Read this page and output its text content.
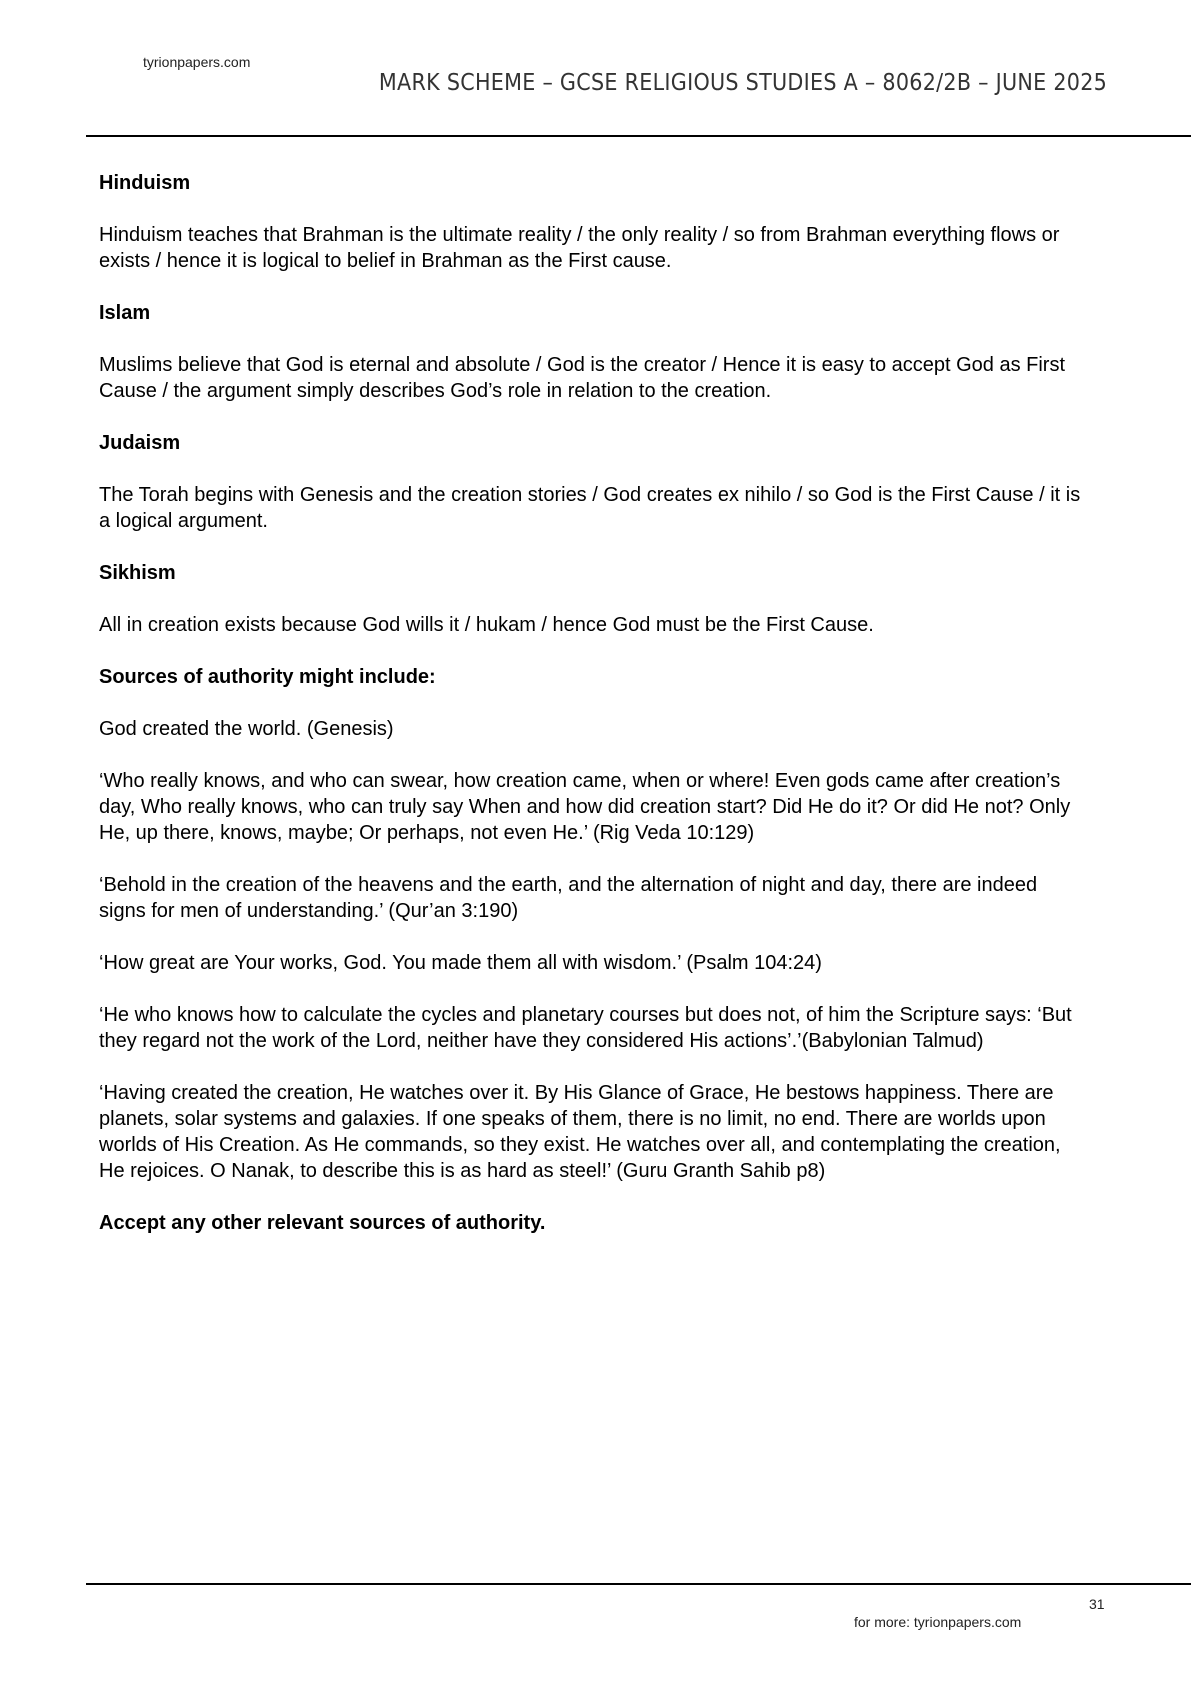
tyrionpapers.com
MARK SCHEME – GCSE RELIGIOUS STUDIES A – 8062/2B – JUNE 2025
Hinduism

Hinduism teaches that Brahman is the ultimate reality / the only reality / so from Brahman everything flows or exists / hence it is logical to belief in Brahman as the First cause.

Islam

Muslims believe that God is eternal and absolute / God is the creator / Hence it is easy to accept God as First Cause / the argument simply describes God’s role in relation to the creation.

Judaism

The Torah begins with Genesis and the creation stories / God creates ex nihilo / so God is the First Cause / it is a logical argument.

Sikhism

All in creation exists because God wills it / hukam / hence God must be the First Cause.

Sources of authority might include:

God created the world. (Genesis)

‘Who really knows, and who can swear, how creation came, when or where! Even gods came after creation’s day, Who really knows, who can truly say When and how did creation start? Did He do it? Or did He not? Only He, up there, knows, maybe; Or perhaps, not even He.’ (Rig Veda 10:129)

‘Behold in the creation of the heavens and the earth, and the alternation of night and day, there are indeed signs for men of understanding.’ (Qur’an 3:190)

‘How great are Your works, God. You made them all with wisdom.’ (Psalm 104:24)

‘He who knows how to calculate the cycles and planetary courses but does not, of him the Scripture says: ‘But they regard not the work of the Lord, neither have they considered His actions’.’(Babylonian Talmud)

‘Having created the creation, He watches over it. By His Glance of Grace, He bestows happiness. There are planets, solar systems and galaxies. If one speaks of them, there is no limit, no end. There are worlds upon worlds of His Creation. As He commands, so they exist. He watches over all, and contemplating the creation, He rejoices. O Nanak, to describe this is as hard as steel!’ (Guru Granth Sahib p8)

Accept any other relevant sources of authority.
31
for more: tyrionpapers.com
